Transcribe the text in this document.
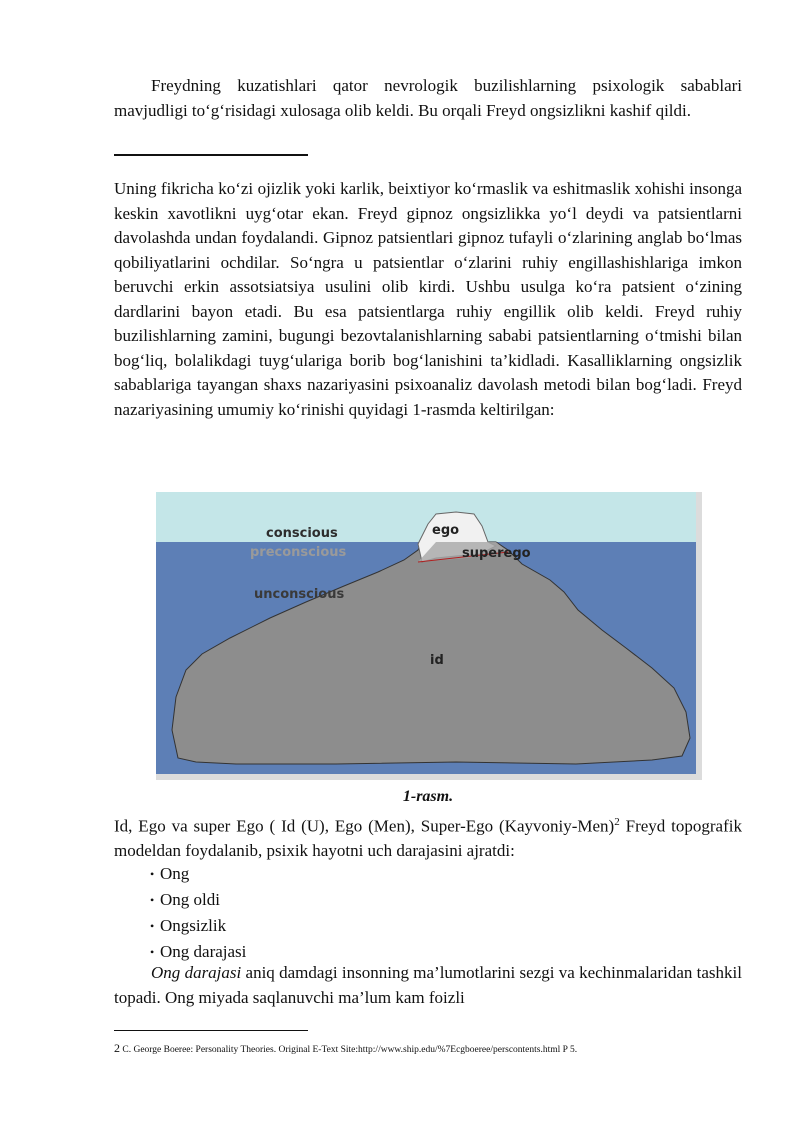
Freydning kuzatishlari qator nevrologik buzilishlarning psixologik sabablari mavjudligi to‘g‘risidagi xulosaga olib keldi. Bu orqali Freyd ongsizlikni kashif qildi.

Uning fikricha ko‘zi ojizlik yoki karlik, beixtiyor ko‘rmaslik va eshitmaslik xohishi insonga keskin xavotlikni uyg‘otar ekan. Freyd gipnoz ongsizlikka yo‘l deydi va patsientlarni davolashda undan foydalandi. Gipnoz patsientlari gipnoz tufayli o‘zlarining anglab bo‘lmas qobiliyatlarini ochdilar. So‘ngra u patsientlar o‘zlarini ruhiy engillashishlariga imkon beruvchi erkin assotsiatsiya usulini olib kirdi. Ushbu usulga ko‘ra patsient o‘zining dardlarini bayon etadi. Bu esa patsientlarga ruhiy engillik olib keldi. Freyd ruhiy buzilishlarning zamini, bugungi bezovtalanishlarning sababi patsientlarning o‘tmishi bilan bog‘liq, bolalikdagi tuyg‘ulariga borib bog‘lanishini ta’kidladi. Kasalliklarning ongsizlik sabablariga tayangan shaxs nazariyasini psixoanaliz davolash metodi bilan bog‘ladi. Freyd nazariyasining umumiy ko‘rinishi quyidagi 1-rasmda keltirilgan:

conscious
preconscious
unconscious
ego
superego
id
1-rasm.

Id, Ego va super Ego ( Id (U), Ego (Men), Super-Ego (Kayvoniy-Men)$^2$ Freyd topografik modeldan foydalanib, psixik hayotni uch darajasini ajratdi:

• Ong
• Ong oldi
• Ongsizlik
• Ong darajasi

Ong darajasi aniq damdagi insonning ma’lumotlarini sezgi va kechinmalaridan tashkil topadi. Ong miyada saqlanuvchi ma’lum kam foizli

2 C. George Boeree: Personality Theories. Original E-Text Site:http://www.ship.edu/%7Ecgboeree/perscontents.html P 5.
